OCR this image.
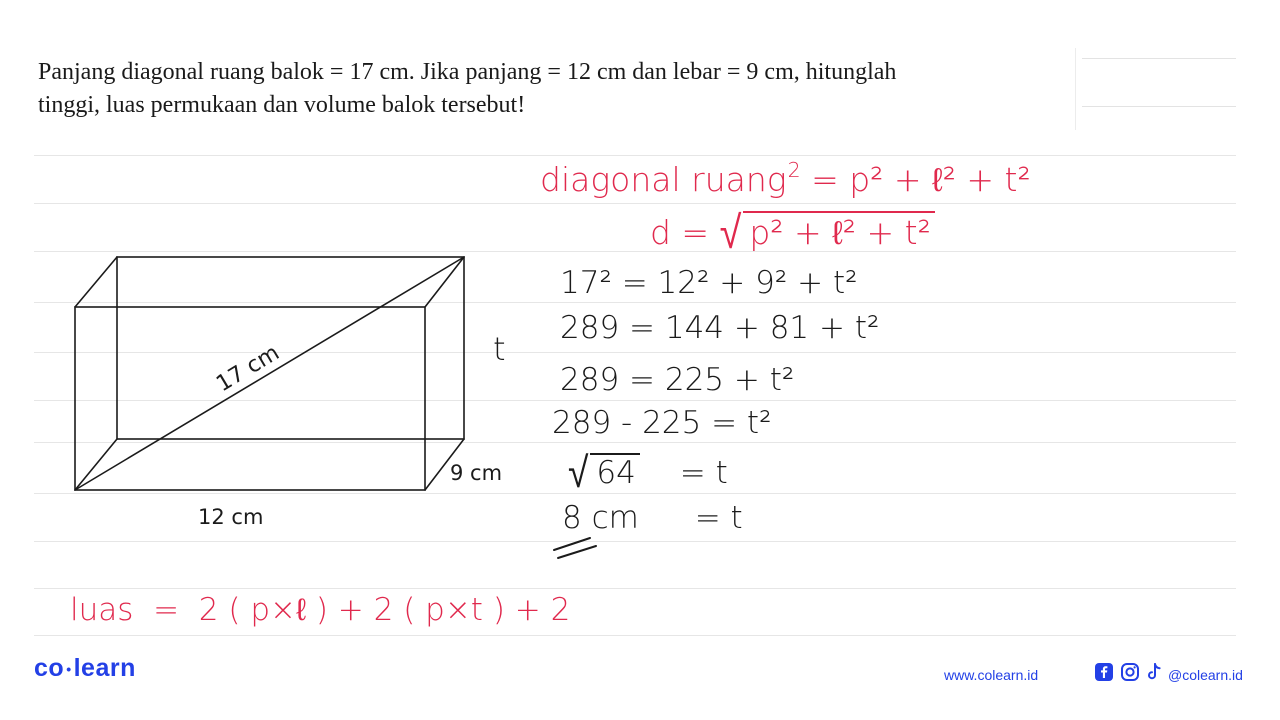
Panjang diagonal ruang balok = 17 cm. Jika panjang = 12 cm dan lebar = 9 cm, hitunglah
tinggi, luas permukaan dan volume balok tersebut!
17 cm	t
9 cm
12 cm
diagonal ruang$^2$ = p² + ℓ² + t²
d = √ p² + ℓ² + t²
17² = 12² + 9² + t²
289 = 144 + 81 + t²
289 = 225 + t²
289 - 225 = t²
√ 64 = t
8 cm = t
luas  =  2 ( p×ℓ ) + 2 ( p×t ) + 2
co •learn	www.colearn.id	@colearn.id
